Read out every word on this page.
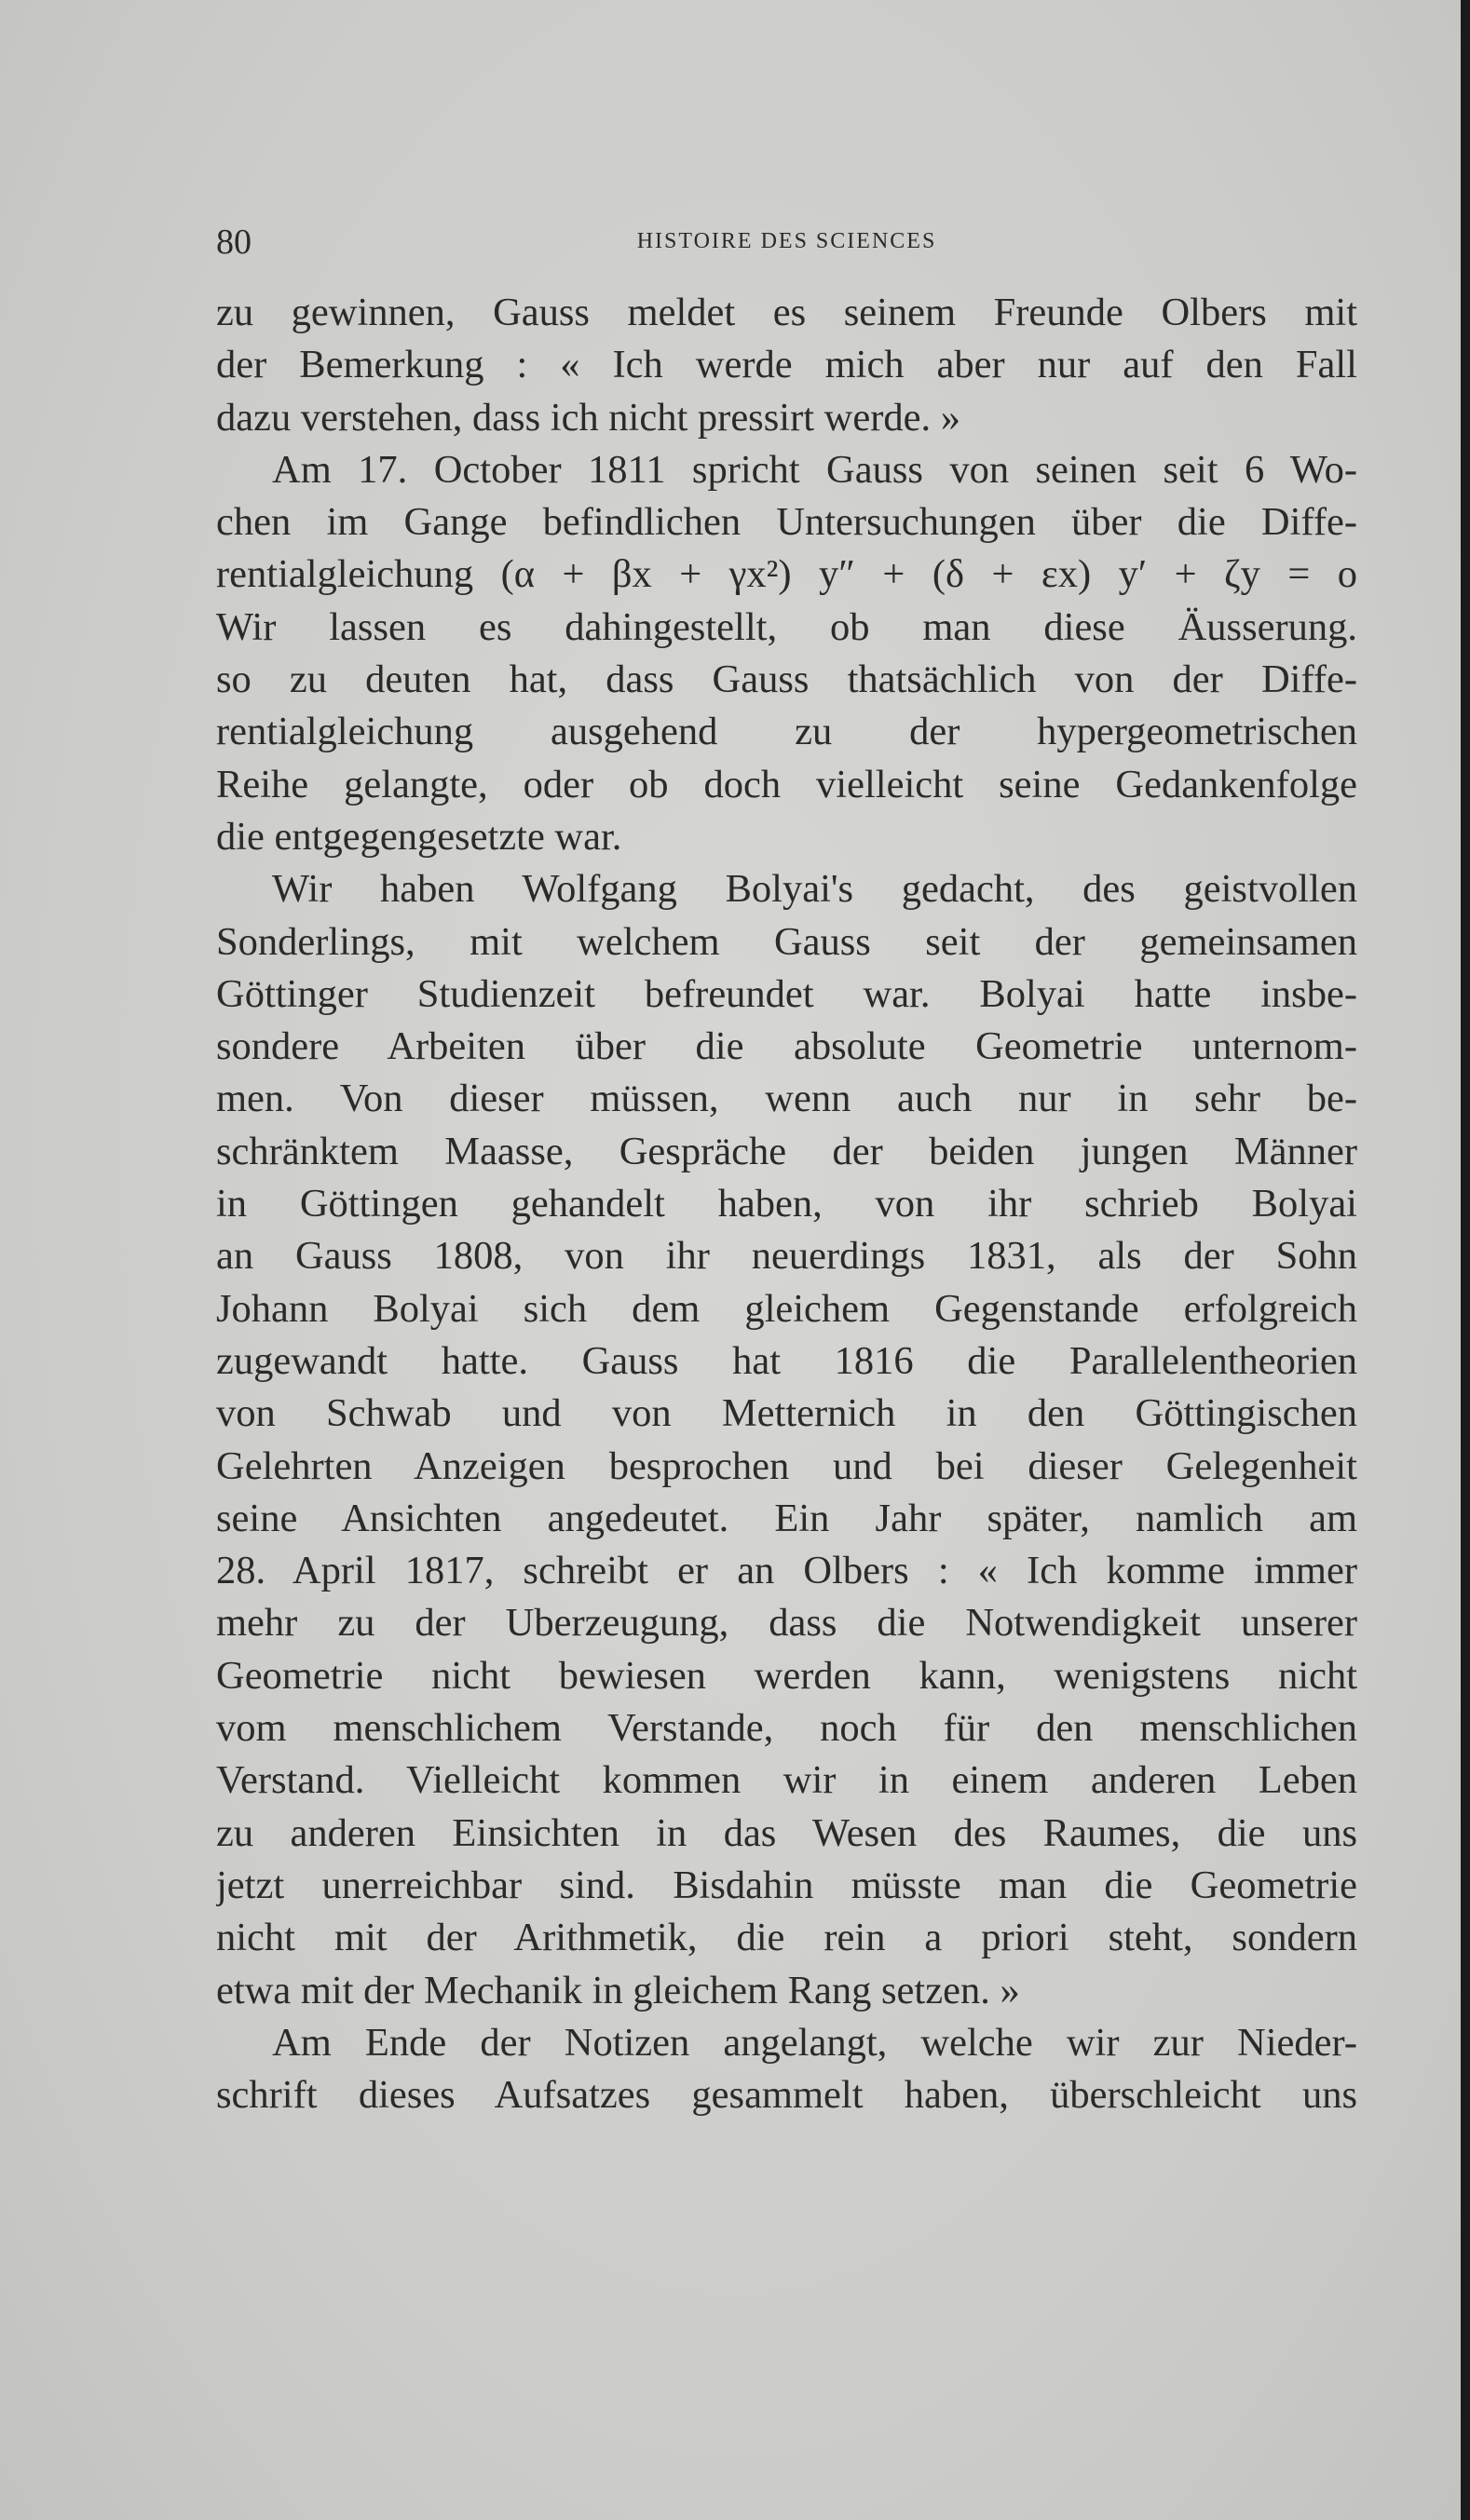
80	HISTOIRE DES SCIENCES
zu gewinnen, Gauss meldet es seinem Freunde Olbers mit
der Bemerkung : « Ich werde mich aber nur auf den Fall
dazu verstehen, dass ich nicht pressirt werde. »
Am 17. October 1811 spricht Gauss von seinen seit 6 Wo-
chen im Gange befindlichen Untersuchungen über die Diffe-
rentialgleichung (α + βx + γx²) y″ + (δ + εx) y′ + ζy = o
Wir lassen es dahingestellt, ob man diese Äusserung.
so zu deuten hat, dass Gauss thatsächlich von der Diffe-
rentialgleichung ausgehend zu der hypergeometrischen
Reihe gelangte, oder ob doch vielleicht seine Gedankenfolge
die entgegengesetzte war.
Wir haben Wolfgang Bolyai's gedacht, des geistvollen
Sonderlings, mit welchem Gauss seit der gemeinsamen
Göttinger Studienzeit befreundet war. Bolyai hatte insbe-
sondere Arbeiten über die absolute Geometrie unternom-
men. Von dieser müssen, wenn auch nur in sehr be-
schränktem Maasse, Gespräche der beiden jungen Männer
in Göttingen gehandelt haben, von ihr schrieb Bolyai
an Gauss 1808, von ihr neuerdings 1831, als der Sohn
Johann Bolyai sich dem gleichem Gegenstande erfolgreich
zugewandt hatte. Gauss hat 1816 die Parallelentheorien
von Schwab und von Metternich in den Göttingischen
Gelehrten Anzeigen besprochen und bei dieser Gelegenheit
seine Ansichten angedeutet. Ein Jahr später, namlich am
28. April 1817, schreibt er an Olbers : « Ich komme immer
mehr zu der Uberzeugung, dass die Notwendigkeit unserer
Geometrie nicht bewiesen werden kann, wenigstens nicht
vom menschlichem Verstande, noch für den menschlichen
Verstand. Vielleicht kommen wir in einem anderen Leben
zu anderen Einsichten in das Wesen des Raumes, die uns
jetzt unerreichbar sind. Bisdahin müsste man die Geometrie
nicht mit der Arithmetik, die rein a priori steht, sondern
etwa mit der Mechanik in gleichem Rang setzen. »
Am Ende der Notizen angelangt, welche wir zur Nieder-
schrift dieses Aufsatzes gesammelt haben, überschleicht uns
